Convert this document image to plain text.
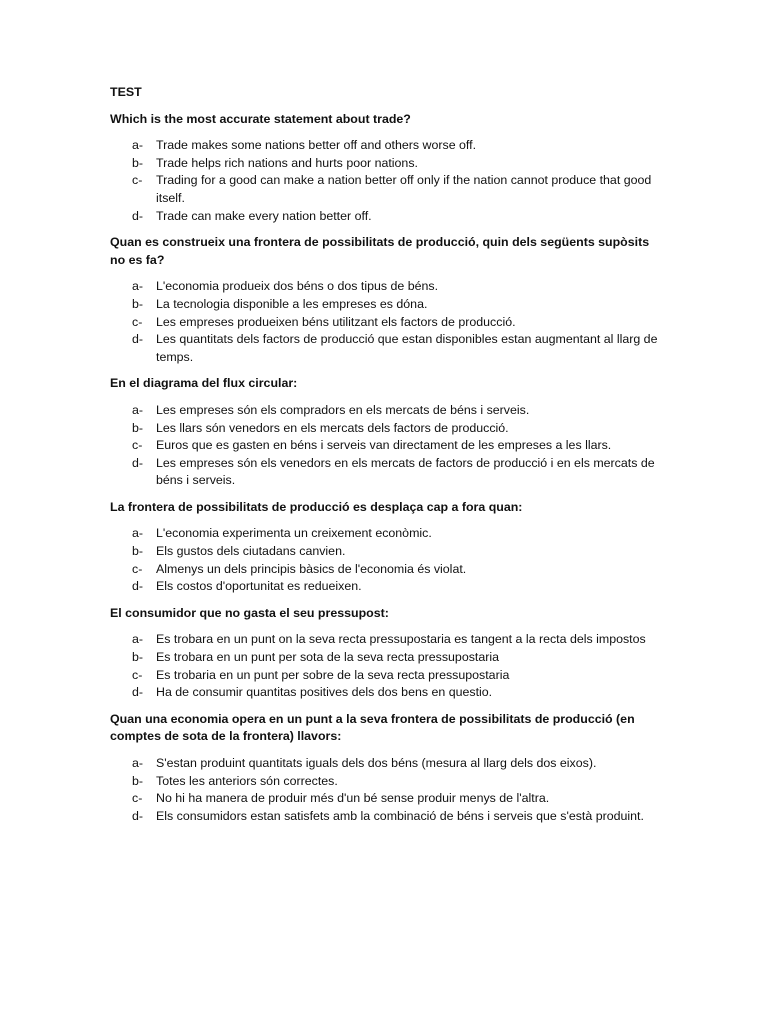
TEST
Which is the most accurate statement about trade?
a- Trade makes some nations better off and others worse off.
b- Trade helps rich nations and hurts poor nations.
c- Trading for a good can make a nation better off only if the nation cannot produce that good itself.
d- Trade can make every nation better off.
Quan es construeix una frontera de possibilitats de producció, quin dels següents supòsits no es fa?
a- L'economia produeix dos béns o dos tipus de béns.
b- La tecnologia disponible a les empreses es dóna.
c- Les empreses produeixen béns utilitzant els factors de producció.
d- Les quantitats dels factors de producció que estan disponibles estan augmentant al llarg de temps.
En el diagrama del flux circular:
a- Les empreses són els compradors en els mercats de béns i serveis.
b- Les llars són venedors en els mercats dels factors de producció.
c- Euros que es gasten en béns i serveis van directament de les empreses a les llars.
d- Les empreses són els venedors en els mercats de factors de producció i en els mercats de béns i serveis.
La frontera de possibilitats de producció es desplaça cap a fora quan:
a- L'economia experimenta un creixement econòmic.
b- Els gustos dels ciutadans canvien.
c- Almenys un dels principis bàsics de l'economia és violat.
d- Els costos d'oportunitat es redueixen.
El consumidor que no gasta el seu pressupost:
a- Es trobara en un punt on la seva recta pressupostaria es tangent a la recta dels impostos
b- Es trobara en un punt per sota de la seva recta pressupostaria
c- Es trobaria en un punt per sobre de la seva recta pressupostaria
d- Ha de consumir quantitas positives dels dos bens en questio.
Quan una economia opera en un punt a la seva frontera de possibilitats de producció (en comptes de sota de la frontera) llavors:
a- S'estan produint quantitats iguals dels dos béns (mesura al llarg dels dos eixos).
b- Totes les anteriors són correctes.
c- No hi ha manera de produir més d'un bé sense produir menys de l'altra.
d- Els consumidors estan satisfets amb la combinació de béns i serveis que s'està produint.
